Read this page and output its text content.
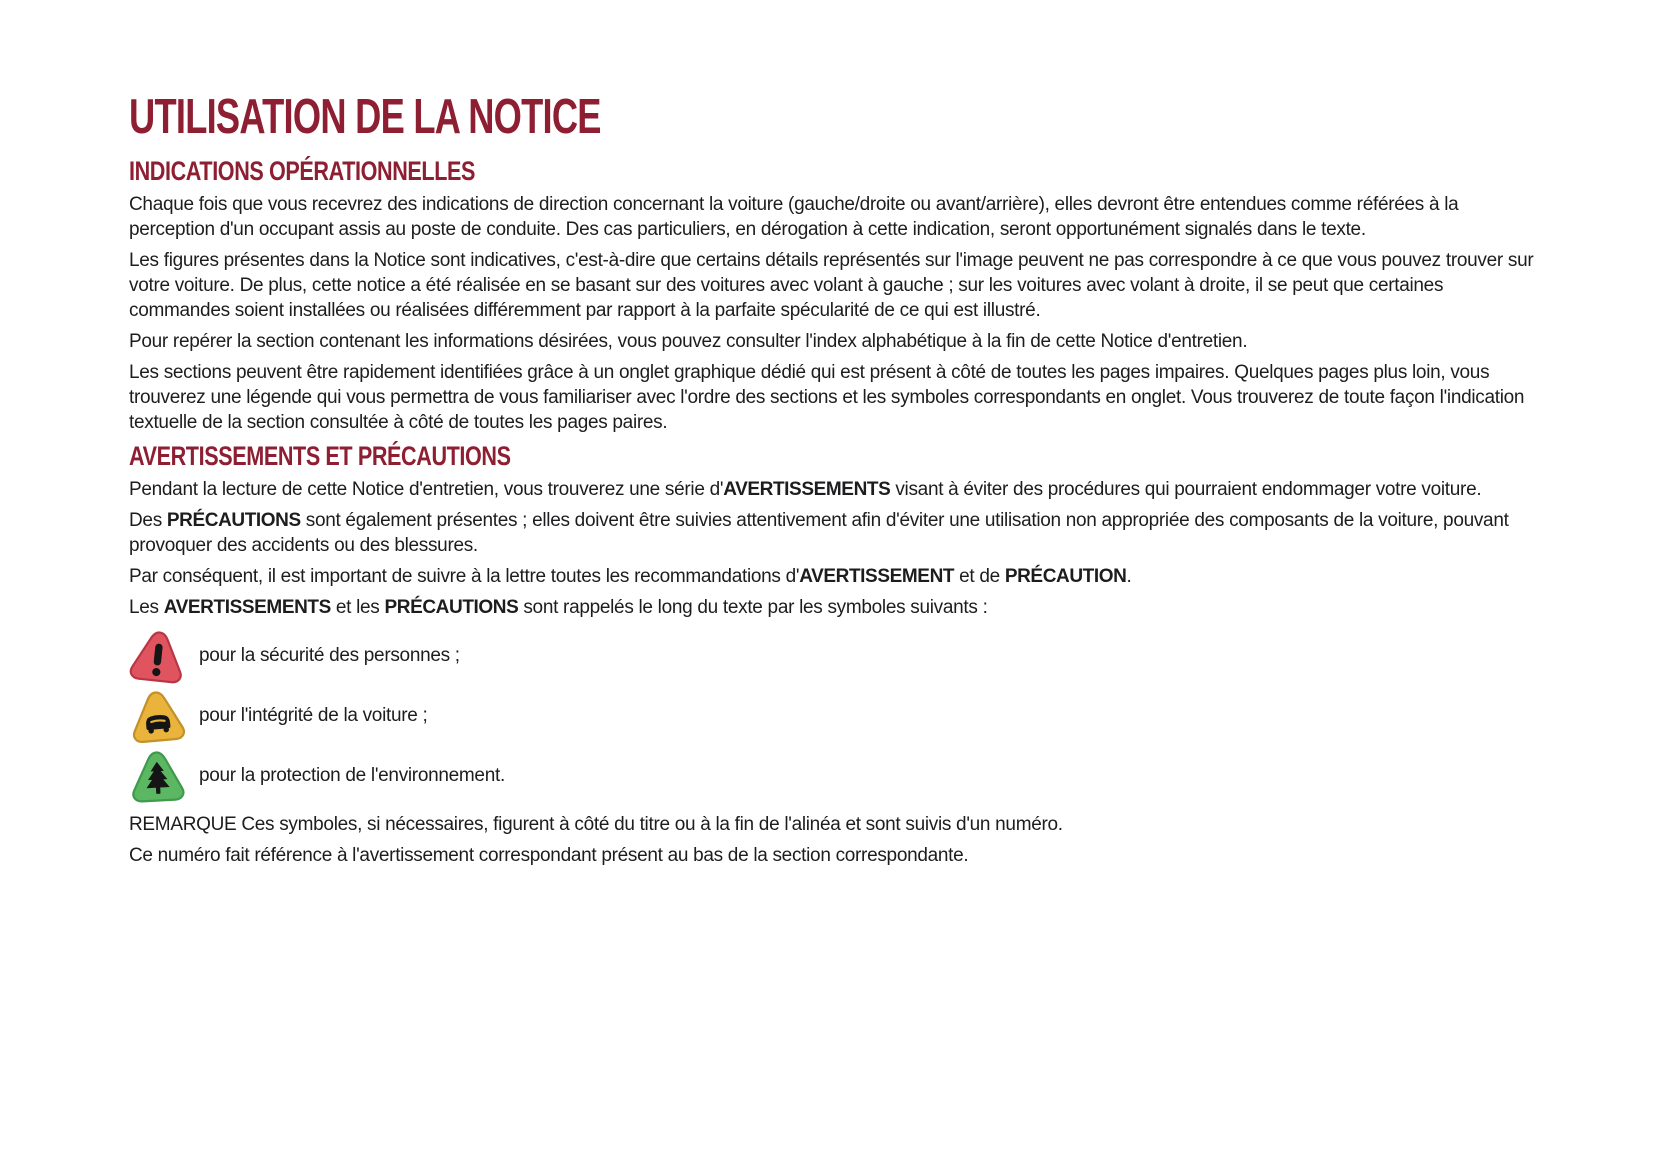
UTILISATION DE LA NOTICE
INDICATIONS OPÉRATIONNELLES

Chaque fois que vous recevrez des indications de direction concernant la voiture (gauche/droite ou avant/arrière), elles devront être entendues comme référées à la perception d'un occupant assis au poste de conduite. Des cas particuliers, en dérogation à cette indication, seront opportunément signalés dans le texte.

Les figures présentes dans la Notice sont indicatives, c'est-à-dire que certains détails représentés sur l'image peuvent ne pas correspondre à ce que vous pouvez trouver sur votre voiture. De plus, cette notice a été réalisée en se basant sur des voitures avec volant à gauche ; sur les voitures avec volant à droite, il se peut que certaines commandes soient installées ou réalisées différemment par rapport à la parfaite spécularité de ce qui est illustré.

Pour repérer la section contenant les informations désirées, vous pouvez consulter l'index alphabétique à la fin de cette Notice d'entretien.

Les sections peuvent être rapidement identifiées grâce à un onglet graphique dédié qui est présent à côté de toutes les pages impaires. Quelques pages plus loin, vous trouverez une légende qui vous permettra de vous familiariser avec l'ordre des sections et les symboles correspondants en onglet. Vous trouverez de toute façon l'indication textuelle de la section consultée à côté de toutes les pages paires.

AVERTISSEMENTS ET PRÉCAUTIONS

Pendant la lecture de cette Notice d'entretien, vous trouverez une série d'AVERTISSEMENTS visant à éviter des procédures qui pourraient endommager votre voiture.

Des PRÉCAUTIONS sont également présentes ; elles doivent être suivies attentivement afin d'éviter une utilisation non appropriée des composants de la voiture, pouvant provoquer des accidents ou des blessures.

Par conséquent, il est important de suivre à la lettre toutes les recommandations d'AVERTISSEMENT et de PRÉCAUTION.

Les AVERTISSEMENTS et les PRÉCAUTIONS sont rappelés le long du texte par les symboles suivants :

pour la sécurité des personnes ;
pour l'intégrité de la voiture ;
pour la protection de l'environnement.

REMARQUE Ces symboles, si nécessaires, figurent à côté du titre ou à la fin de l'alinéa et sont suivis d'un numéro.

Ce numéro fait référence à l'avertissement correspondant présent au bas de la section correspondante.
